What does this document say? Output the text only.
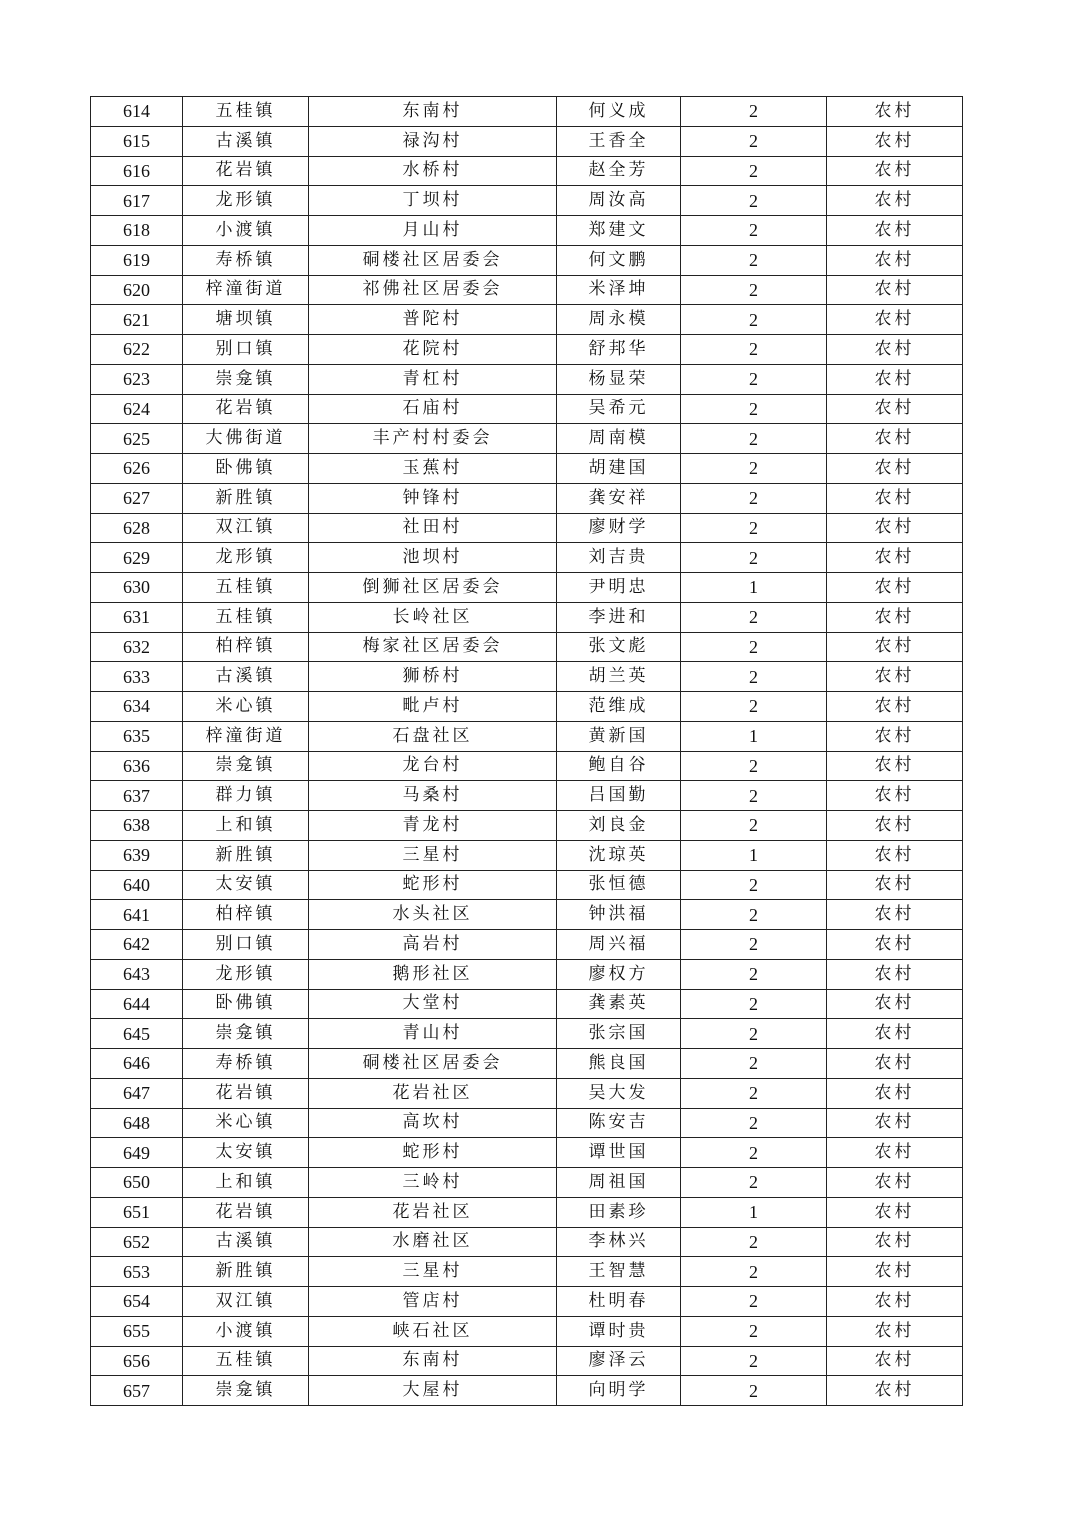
614	五桂镇	东南村	何义成	2	农村
615	古溪镇	禄沟村	王香全	2	农村
616	花岩镇	水桥村	赵全芳	2	农村
617	龙形镇	丁坝村	周汝高	2	农村
618	小渡镇	月山村	郑建文	2	农村
619	寿桥镇	硐楼社区居委会	何文鹏	2	农村
620	梓潼街道	祁佛社区居委会	米泽坤	2	农村
621	塘坝镇	普陀村	周永模	2	农村
622	别口镇	花院村	舒邦华	2	农村
623	崇龛镇	青杠村	杨显荣	2	农村
624	花岩镇	石庙村	吴希元	2	农村
625	大佛街道	丰产村村委会	周南模	2	农村
626	卧佛镇	玉蕉村	胡建国	2	农村
627	新胜镇	钟锋村	龚安祥	2	农村
628	双江镇	社田村	廖财学	2	农村
629	龙形镇	池坝村	刘吉贵	2	农村
630	五桂镇	倒狮社区居委会	尹明忠	1	农村
631	五桂镇	长岭社区	李进和	2	农村
632	柏梓镇	梅家社区居委会	张文彪	2	农村
633	古溪镇	狮桥村	胡兰英	2	农村
634	米心镇	毗卢村	范维成	2	农村
635	梓潼街道	石盘社区	黄新国	1	农村
636	崇龛镇	龙台村	鲍自谷	2	农村
637	群力镇	马桑村	吕国勤	2	农村
638	上和镇	青龙村	刘良金	2	农村
639	新胜镇	三星村	沈琼英	1	农村
640	太安镇	蛇形村	张恒德	2	农村
641	柏梓镇	水头社区	钟洪福	2	农村
642	别口镇	高岩村	周兴福	2	农村
643	龙形镇	鹅形社区	廖权方	2	农村
644	卧佛镇	大堂村	龚素英	2	农村
645	崇龛镇	青山村	张宗国	2	农村
646	寿桥镇	硐楼社区居委会	熊良国	2	农村
647	花岩镇	花岩社区	吴大发	2	农村
648	米心镇	高坎村	陈安吉	2	农村
649	太安镇	蛇形村	谭世国	2	农村
650	上和镇	三岭村	周祖国	2	农村
651	花岩镇	花岩社区	田素珍	1	农村
652	古溪镇	水磨社区	李林兴	2	农村
653	新胜镇	三星村	王智慧	2	农村
654	双江镇	管店村	杜明春	2	农村
655	小渡镇	峡石社区	谭时贵	2	农村
656	五桂镇	东南村	廖泽云	2	农村
657	崇龛镇	大屋村	向明学	2	农村
